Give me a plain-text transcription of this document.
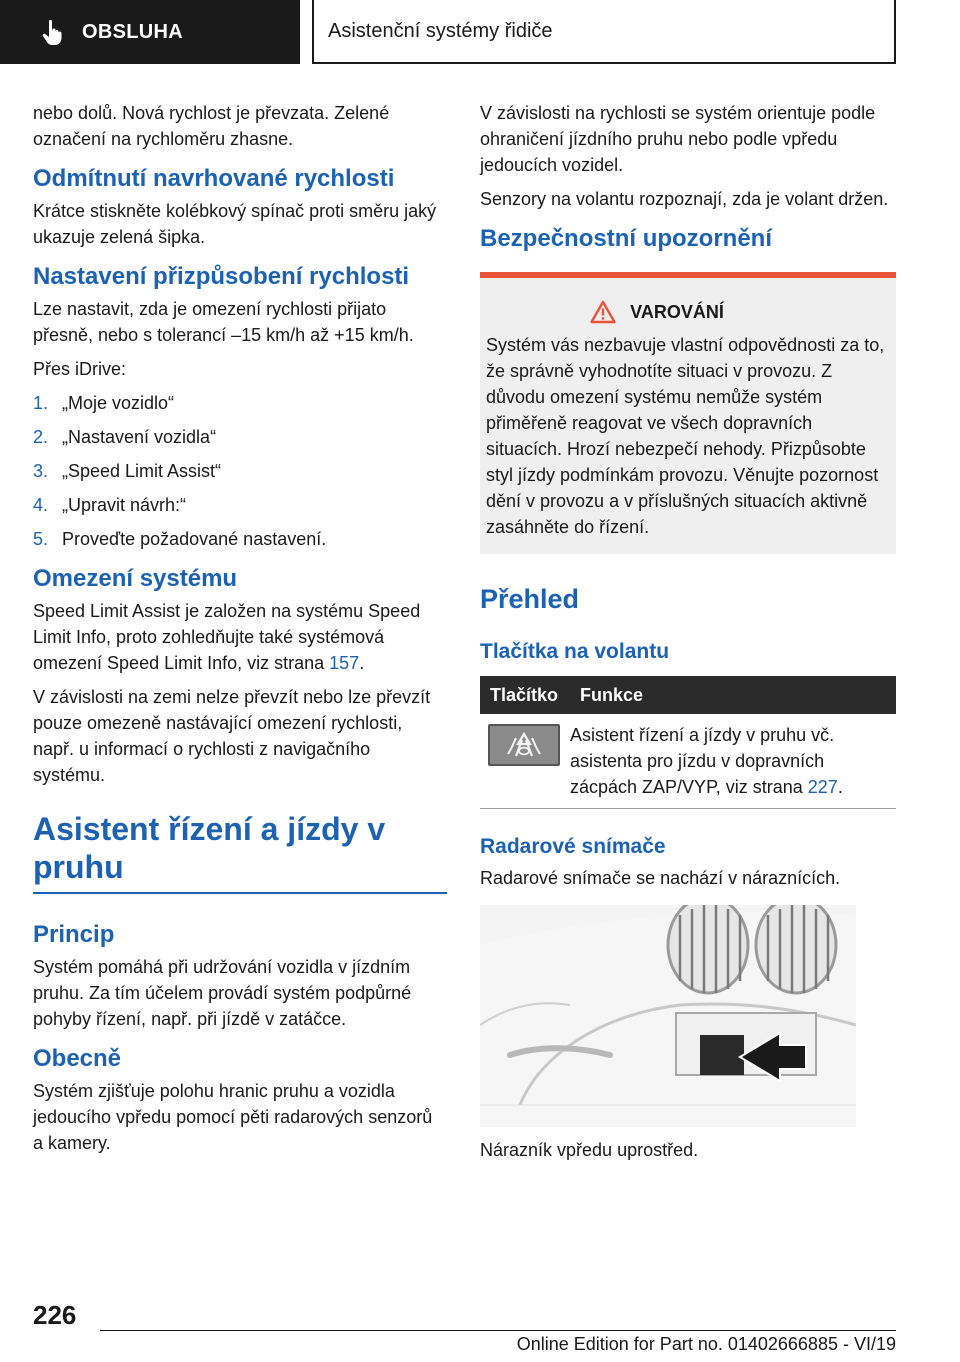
OBSLUHA	Asistenční systémy řidiče

nebo dolů. Nová rychlost je převzata. Zelené označení na rychloměru zhasne.

Odmítnutí navrhované rychlosti

Krátce stiskněte kolébkový spínač proti směru jaký ukazuje zelená šipka.

Nastavení přizpůsobení rychlosti

Lze nastavit, zda je omezení rychlosti přijato přesně, nebo s tolerancí –15 km/h až +15 km/h.

Přes iDrive:

1. „Moje vozidlo“
2. „Nastavení vozidla“
3. „Speed Limit Assist“
4. „Upravit návrh:“
5. Proveďte požadované nastavení.
Omezení systému

Speed Limit Assist je založen na systému Speed Limit Info, proto zohledňujte také systémová omezení Speed Limit Info, viz strana 157.

V závislosti na zemi nelze převzít nebo lze převzít pouze omezeně nastávající omezení rychlosti, např. u informací o rychlosti z navigačního systému.

Asistent řízení a jízdy v pruhu
Princip

Systém pomáhá při udržování vozidla v jízdním pruhu. Za tím účelem provádí systém podpůrné pohyby řízení, např. při jízdě v zatáčce.

Obecně

Systém zjišťuje polohu hranic pruhu a vozidla jedoucího vpředu pomocí pěti radarových senzorů a kamery.

V závislosti na rychlosti se systém orientuje podle ohraničení jízdního pruhu nebo podle vpředu jedoucích vozidel.

Senzory na volantu rozpoznají, zda je volant držen.

Bezpečnostní upozornění
VAROVÁNÍ

Systém vás nezbavuje vlastní odpovědnosti za to, že správně vyhodnotíte situaci v provozu. Z důvodu omezení systému nemůže systém přiměřeně reagovat ve všech dopravních situacích. Hrozí nebezpečí nehody. Přizpůsobte styl jízdy podmínkám provozu. Věnujte pozornost dění v provozu a v příslušných situacích aktivně zasáhněte do řízení.

Přehled
Tlačítka na volantu
Tlačítko	Funkce

	Asistent řízení a jízdy v pruhu vč. asistenta pro jízdu v dopravních zácpách ZAP/VYP, viz strana 227.
Radarové snímače

Radarové snímače se nachází v náraznících.

Nárazník vpředu uprostřed.

226
Online Edition for Part no. 01402666885 - VI/19
